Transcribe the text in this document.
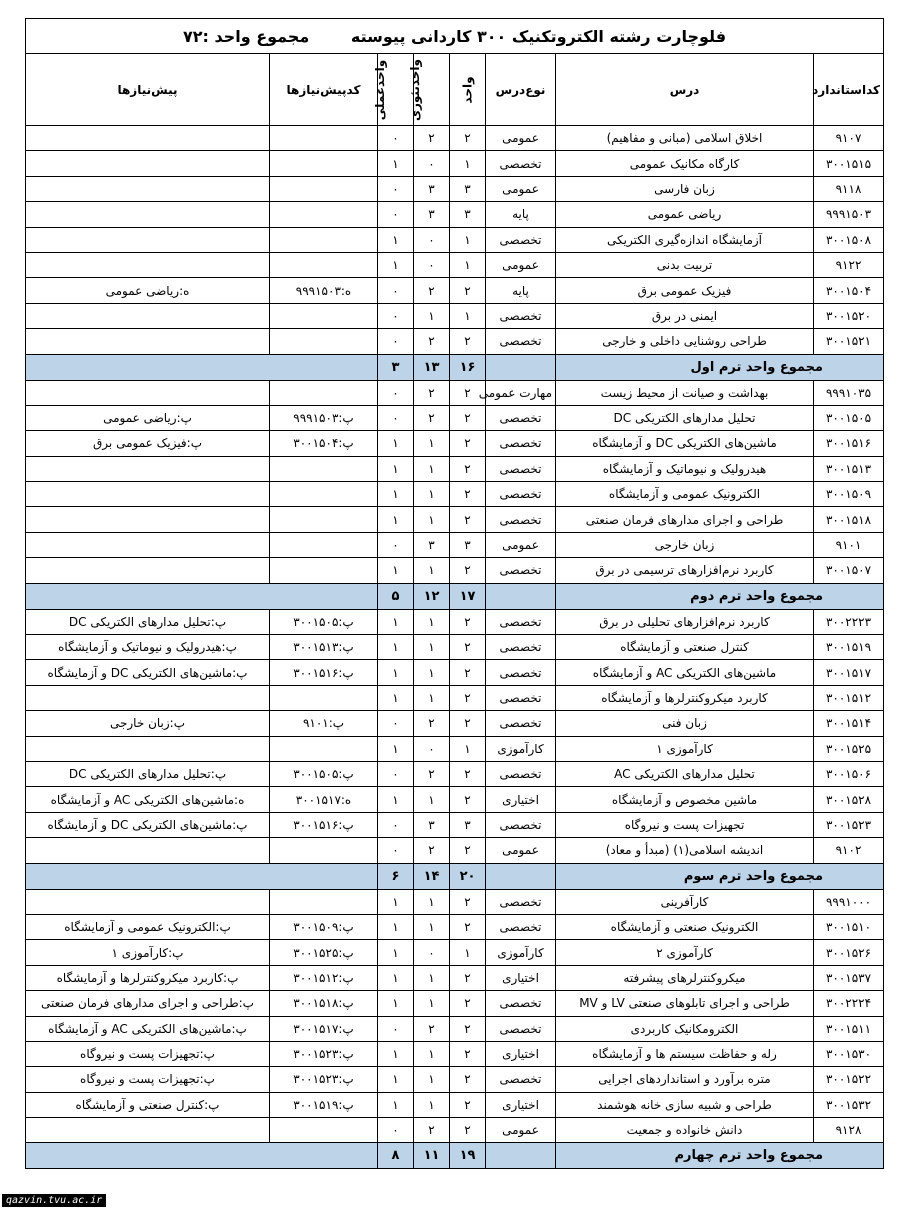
فلوچارت رشته الکتروتکنیک ۳۰۰ کاردانی پیوسته مجموع واحد :۷۲							
کداستاندارد	درس	نوع‌درس	واحد	واحدتئوری	واحدعملی	کدپیش‌نیازها	پیش‌نیازها
۹۱۰۷	اخلاق اسلامی (مبانی و مفاهیم)	عمومی	۲	۲	۰		
۳۰۰۱۵۱۵	کارگاه مکانیک عمومی	تخصصی	۱	۰	۱		
۹۱۱۸	زبان فارسی	عمومی	۳	۳	۰		
۹۹۹۱۵۰۳	ریاضی عمومی	پایه	۳	۳	۰		
۳۰۰۱۵۰۸	آزمایشگاه اندازه‌گیری الکتریکی	تخصصی	۱	۰	۱		
۹۱۲۲	تربیت بدنی	عمومی	۱	۰	۱		
۳۰۰۱۵۰۴	فیزیک عمومی برق	پایه	۲	۲	۰	ه:۹۹۹۱۵۰۳	ه:ریاضی عمومی
۳۰۰۱۵۲۰	ایمنی در برق	تخصصی	۱	۱	۰		
۳۰۰۱۵۲۱	طراحی روشنایی داخلی و خارجی	تخصصی	۲	۲	۰		
مجموع واحد ترم اول			۱۶	۱۳	۳		
۹۹۹۱۰۳۵	بهداشت و صیانت از محیط زیست	مهارت عمومی	۲	۲	۰		
۳۰۰۱۵۰۵	تحلیل مدارهای الکتریکی DC	تخصصی	۲	۲	۰	پ:۹۹۹۱۵۰۳	پ:ریاضی عمومی
۳۰۰۱۵۱۶	ماشین‌های الکتریکی DC و آزمایشگاه	تخصصی	۲	۱	۱	پ:۳۰۰۱۵۰۴	پ:فیزیک عمومی برق
۳۰۰۱۵۱۳	هیدرولیک و نیوماتیک و آزمایشگاه	تخصصی	۲	۱	۱		
۳۰۰۱۵۰۹	الکترونیک عمومی و آزمایشگاه	تخصصی	۲	۱	۱		
۳۰۰۱۵۱۸	طراحی و اجرای مدارهای فرمان صنعتی	تخصصی	۲	۱	۱		
۹۱۰۱	زبان خارجی	عمومی	۳	۳	۰		
۳۰۰۱۵۰۷	کاربرد نرم‌افزارهای ترسیمی در برق	تخصصی	۲	۱	۱		
مجموع واحد ترم دوم			۱۷	۱۲	۵		
۳۰۰۲۲۲۳	کاربرد نرم‌افزارهای تحلیلی در برق	تخصصی	۲	۱	۱	پ:۳۰۰۱۵۰۵	پ:تحلیل مدارهای الکتریکی DC
۳۰۰۱۵۱۹	کنترل صنعتی و آزمایشگاه	تخصصی	۲	۱	۱	پ:۳۰۰۱۵۱۳	پ:هیدرولیک و نیوماتیک و آزمایشگاه
۳۰۰۱۵۱۷	ماشین‌های الکتریکی AC و آزمایشگاه	تخصصی	۲	۱	۱	پ:۳۰۰۱۵۱۶	پ:ماشین‌های الکتریکی DC و آزمایشگاه
۳۰۰۱۵۱۲	کاربرد میکروکنترلرها و آزمایشگاه	تخصصی	۲	۱	۱		
۳۰۰۱۵۱۴	زبان فنی	تخصصی	۲	۲	۰	پ:۹۱۰۱	پ:زبان خارجی
۳۰۰۱۵۲۵	کارآموزی ۱	کارآموزی	۱	۰	۱		
۳۰۰۱۵۰۶	تحلیل مدارهای الکتریکی AC	تخصصی	۲	۲	۰	پ:۳۰۰۱۵۰۵	پ:تحلیل مدارهای الکتریکی DC
۳۰۰۱۵۲۸	ماشین مخصوص و آزمایشگاه	اختیاری	۲	۱	۱	ه:۳۰۰۱۵۱۷	ه:ماشین‌های الکتریکی AC و آزمایشگاه
۳۰۰۱۵۲۳	تجهیزات پست و نیروگاه	تخصصی	۳	۳	۰	پ:۳۰۰۱۵۱۶	پ:ماشین‌های الکتریکی DC و آزمایشگاه
۹۱۰۲	اندیشه اسلامی(۱) (مبدأ و معاد)	عمومی	۲	۲	۰		
مجموع واحد ترم سوم			۲۰	۱۴	۶		
۹۹۹۱۰۰۰	کارآفرینی	تخصصی	۲	۱	۱		
۳۰۰۱۵۱۰	الکترونیک صنعتی و آزمایشگاه	تخصصی	۲	۱	۱	پ:۳۰۰۱۵۰۹	پ:الکترونیک عمومی و آزمایشگاه
۳۰۰۱۵۲۶	کارآموزی ۲	کارآموزی	۱	۰	۱	پ:۳۰۰۱۵۲۵	پ:کارآموزی ۱
۳۰۰۱۵۳۷	میکروکنترلرهای پیشرفته	اختیاری	۲	۱	۱	پ:۳۰۰۱۵۱۲	پ:کاربرد میکروکنترلرها و آزمایشگاه
۳۰۰۲۲۲۴	طراحی و اجرای تابلوهای صنعتی LV و MV	تخصصی	۲	۱	۱	پ:۳۰۰۱۵۱۸	پ:طراحی و اجرای مدارهای فرمان صنعتی
۳۰۰۱۵۱۱	الکترومکانیک کاربردی	تخصصی	۲	۲	۰	پ:۳۰۰۱۵۱۷	پ:ماشین‌های الکتریکی AC و آزمایشگاه
۳۰۰۱۵۳۰	رله و حفاظت سیستم ها و آزمایشگاه	اختیاری	۲	۱	۱	پ:۳۰۰۱۵۲۳	پ:تجهیزات پست و نیروگاه
۳۰۰۱۵۲۲	متره برآورد و استانداردهای اجرایی	تخصصی	۲	۱	۱	پ:۳۰۰۱۵۲۳	پ:تجهیزات پست و نیروگاه
۳۰۰۱۵۳۲	طراحی و شبیه سازی خانه هوشمند	اختیاری	۲	۱	۱	پ:۳۰۰۱۵۱۹	پ:کنترل صنعتی و آزمایشگاه
۹۱۲۸	دانش خانواده و جمعیت	عمومی	۲	۲	۰		
مجموع واحد ترم چهارم			۱۹	۱۱	۸		
qazvin.tvu.ac.ir
